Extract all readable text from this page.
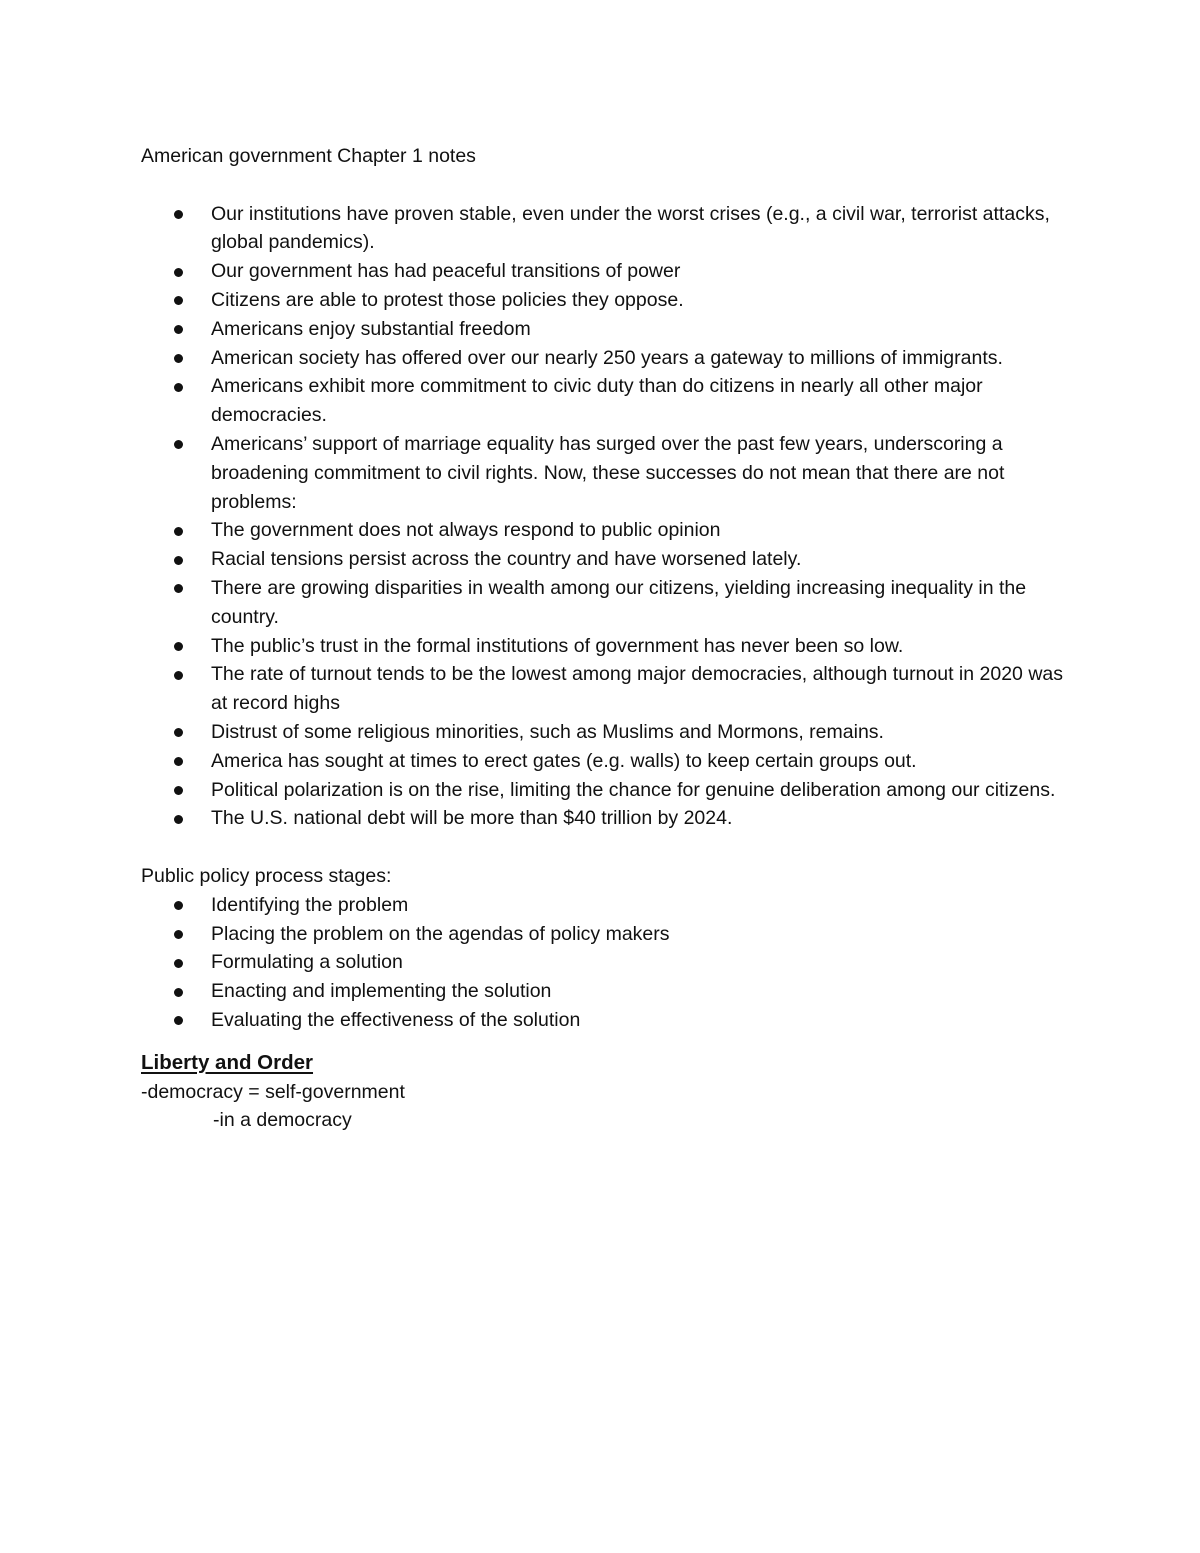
American government Chapter 1 notes

Our institutions have proven stable, even under the worst crises (e.g., a civil war, terrorist attacks, global pandemics).
Our government has had peaceful transitions of power
Citizens are able to protest those policies they oppose.
Americans enjoy substantial freedom
American society has offered over our nearly 250 years a gateway to millions of immigrants.
Americans exhibit more commitment to civic duty than do citizens in nearly all other major democracies.
Americans’ support of marriage equality has surged over the past few years, underscoring a broadening commitment to civil rights. Now, these successes do not mean that there are not problems:
The government does not always respond to public opinion
Racial tensions persist across the country and have worsened lately.
There are growing disparities in wealth among our citizens, yielding increasing inequality in the country.
The public’s trust in the formal institutions of government has never been so low.
The rate of turnout tends to be the lowest among major democracies, although turnout in 2020 was at record highs
Distrust of some religious minorities, such as Muslims and Mormons, remains.
America has sought at times to erect gates (e.g. walls) to keep certain groups out.
Political polarization is on the rise, limiting the chance for genuine deliberation among our citizens.
The U.S. national debt will be more than $40 trillion by 2024.

Public policy process stages:

Identifying the problem
Placing the problem on the agendas of policy makers
Formulating a solution
Enacting and implementing the solution
Evaluating the effectiveness of the solution
Liberty and Order
-democracy = self-government
-in a democracy
